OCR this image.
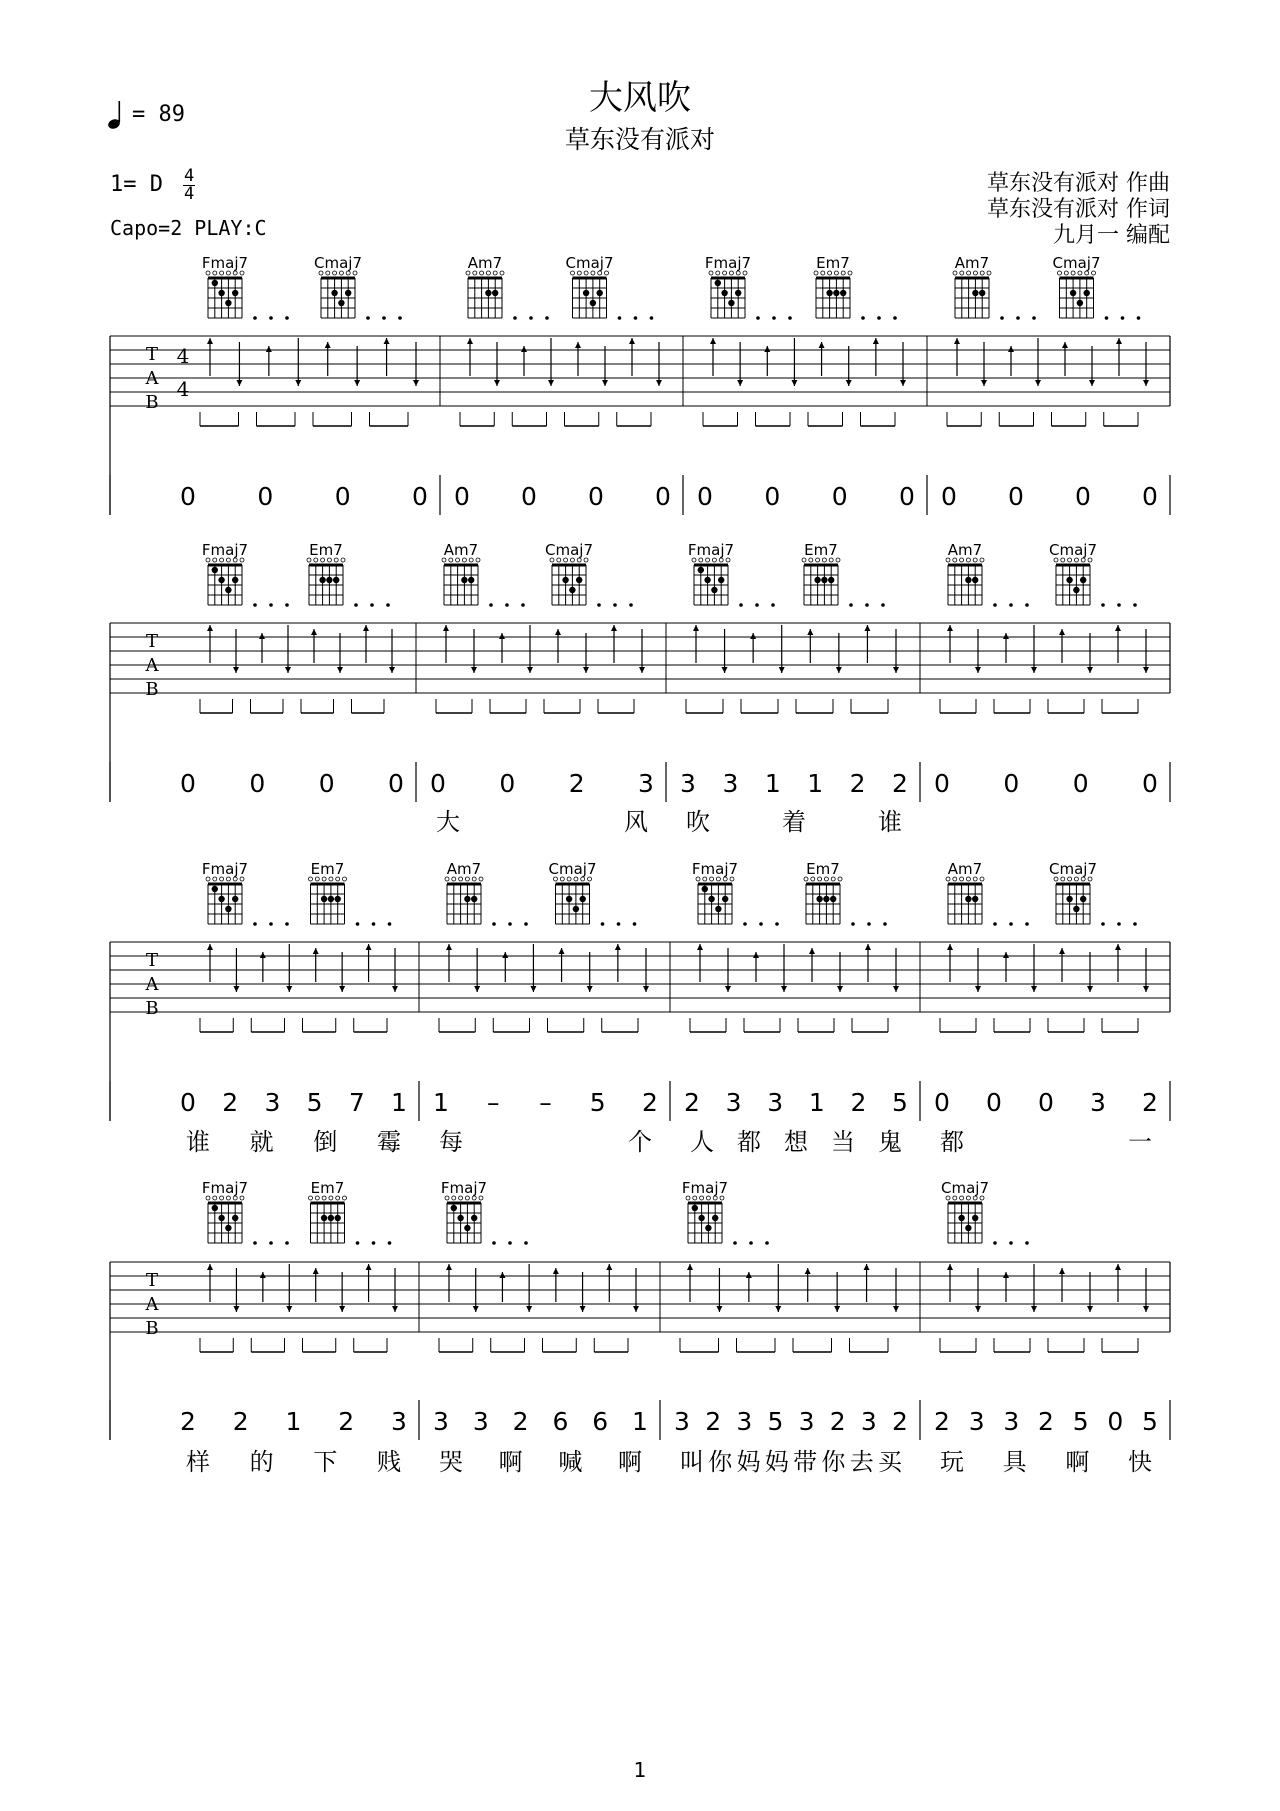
大风吹
草东没有派对
= 89
1= D $\frac{4}{4}$
Capo=2 PLAY:C
草东没有派对 作曲
草东没有派对 作词
九月一 编配
T
A
B
4
4
Fmaj7	Cmaj7
0 0 0 0
Am7	Cmaj7
0 0 0 0
Fmaj7	Em7
0 0 0 0
Am7	Cmaj7
0 0 0 0
T
A
B
Fmaj7	Em7
0 0 0 0
Am7	Cmaj7
0 0 2 3
大	风
Fmaj7	Em7
3 3 1 1 2 2
吹	着	谁
Am7	Cmaj7
0 0 0 0
T
A
B
Fmaj7	Em7
0 2 3 5 7 1
谁 就 倒 霉
Am7	Cmaj7
1 – – 5 2
每	个
Fmaj7	Em7
2 3 3 1 2 5
人 都 想 当 鬼
Am7	Cmaj7
0 0 0 3 2
都	一
T
A
B
Fmaj7	Em7
2 2 1 2 3
样 的 下 贱
Fmaj7
3 3 2 6 6 1
哭 啊 喊 啊
Fmaj7
3 2 3 5 3 2 3 2
叫 你 妈 妈 带 你 去 买
Cmaj7
2 3 3 2 5 0 5
玩 具 啊 快
1
